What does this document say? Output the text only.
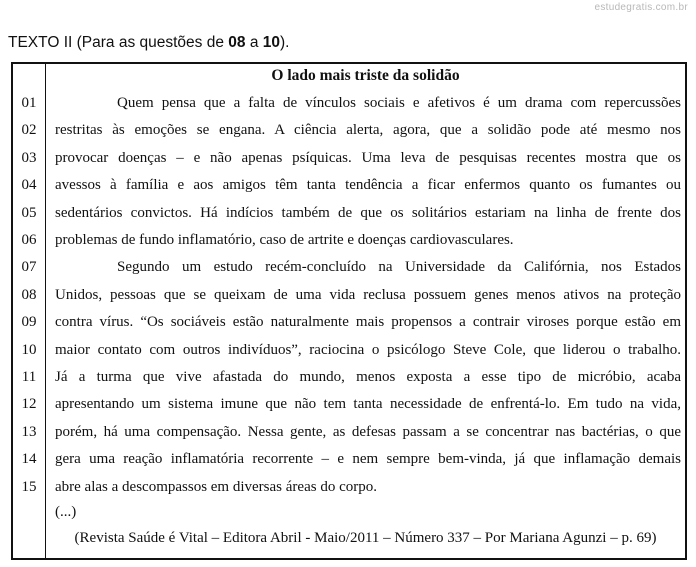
estudegratis.com.br
TEXTO II (Para as questões de 08 a 10).
O lado mais triste da solidão
01	Quem pensa que a falta de vínculos sociais e afetivos é um drama com repercussões
02	restritas às emoções se engana. A ciência alerta, agora, que a solidão pode até mesmo nos
03	provocar doenças – e não apenas psíquicas. Uma leva de pesquisas recentes mostra que os
04	avessos à família e aos amigos têm tanta tendência a ficar enfermos quanto os fumantes ou
05	sedentários convictos. Há indícios também de que os solitários estariam na linha de frente dos
06	problemas de fundo inflamatório, caso de artrite e doenças cardiovasculares.
07	Segundo um estudo recém-concluído na Universidade da Califórnia, nos Estados
08	Unidos, pessoas que se queixam de uma vida reclusa possuem genes menos ativos na proteção
09	contra vírus. “Os sociáveis estão naturalmente mais propensos a contrair viroses porque estão em
10	maior contato com outros indivíduos”, raciocina o psicólogo Steve Cole, que liderou o trabalho.
11	Já a turma que vive afastada do mundo, menos exposta a esse tipo de micróbio, acaba
12	apresentando um sistema imune que não tem tanta necessidade de enfrentá-lo. Em tudo na vida,
13	porém, há uma compensação. Nessa gente, as defesas passam a se concentrar nas bactérias, o que
14	gera uma reação inflamatória recorrente – e nem sempre bem-vinda, já que inflamação demais
15	abre alas a descompassos em diversas áreas do corpo.
(...)
(Revista Saúde é Vital – Editora Abril - Maio/2011 – Número 337 – Por Mariana Agunzi – p. 69)
